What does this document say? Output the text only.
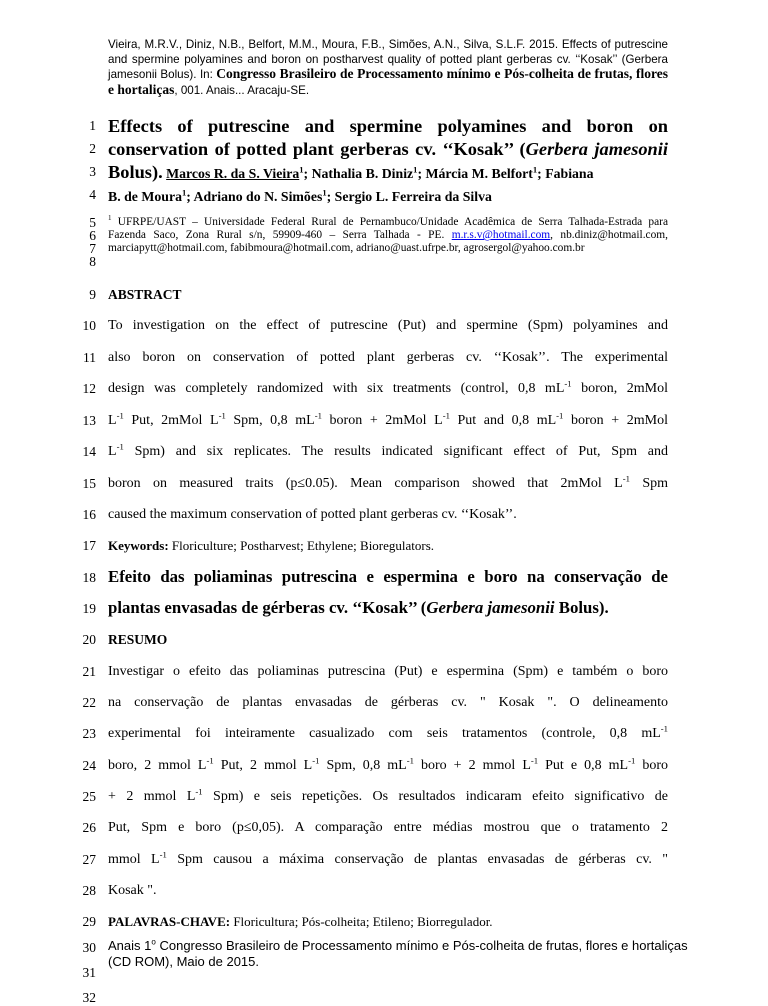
Vieira, M.R.V., Diniz, N.B., Belfort, M.M., Moura, F.B., Simões, A.N., Silva, S.L.F. 2015. Effects of putrescine and spermine polyamines and boron on postharvest quality of potted plant gerberas cv. ‘‘Kosak’’ (Gerbera jamesonii Bolus). In: Congresso Brasileiro de Processamento mínimo e Pós-colheita de frutas, flores e hortaliças, 001. Anais... Aracaju-SE.
1
2
3
4
5
6
7
8
9
10
11
12
13
14
15
16
17
18
19
20
21
22
23
24
25
26
27
28
29
30
31
32
Effects of putrescine and spermine polyamines and boron on
conservation of potted plant gerberas cv. ‘‘Kosak’’ (Gerbera jamesonii
Bolus). Marcos R. da S. Vieira$^1$; Nathalia B. Diniz$^1$; Márcia M. Belfort$^1$; Fabiana
B. de Moura$^1$; Adriano do N. Simões$^1$; Sergio L. Ferreira da Silva
$^1$ UFRPE/UAST – Universidade Federal Rural de Pernambuco/Unidade Acadêmica de Serra Talhada-Estrada para Fazenda Saco, Zona Rural s/n, 59909-460 – Serra Talhada - PE. m.r.s.v@hotmail.com, nb.diniz@hotmail.com, marciapytt@hotmail.com, fabibmoura@hotmail.com, adriano@uast.ufrpe.br, agrosergol@yahoo.com.br
ABSTRACT
To investigation on the effect of putrescine (Put) and spermine (Spm) polyamines and
also boron on conservation of potted plant gerberas cv. ‘‘Kosak’’. The experimental
design was completely randomized with six treatments (control, 0,8 $mL^{-1}$ boron, 2mMol
$L^{-1}$ Put, 2mMol $L^{-1}$ Spm, 0,8 $mL^{-1}$ boron + 2mMol $L^{-1}$ Put and 0,8 $mL^{-1}$ boron + 2mMol
$L^{-1}$ Spm) and six replicates. The results indicated significant effect of Put, Spm and
boron on measured traits (p≤0.05). Mean comparison showed that 2mMol $L^{-1}$ Spm
caused the maximum conservation of potted plant gerberas cv. ‘‘Kosak’’.
Keywords: Floriculture; Postharvest; Ethylene; Bioregulators.
Efeito das poliaminas putrescina e espermina e boro na conservação de
plantas envasadas de gérberas cv. ‘‘Kosak’’ (Gerbera jamesonii Bolus).
RESUMO
Investigar o efeito das poliaminas putrescina (Put) e espermina (Spm) e também o boro
na conservação de plantas envasadas de gérberas cv. " Kosak ". O delineamento
experimental foi inteiramente casualizado com seis tratamentos (controle, 0,8 $mL^{-1}$
boro, 2 mmol $L^{-1}$ Put, 2 mmol $L^{-1}$ Spm, 0,8 $mL^{-1}$ boro + 2 mmol $L^{-1}$ Put e 0,8 $mL^{-1}$ boro
+ 2 mmol $L^{-1}$ Spm) e seis repetições. Os resultados indicaram efeito significativo de
Put, Spm e boro (p≤0,05). A comparação entre médias mostrou que o tratamento 2
mmol $L^{-1}$ Spm causou a máxima conservação de plantas envasadas de gérberas cv. "
Kosak ".
PALAVRAS-CHAVE: Floricultura; Pós-colheita; Etileno; Biorregulador.
Anais 1$^o$ Congresso Brasileiro de Processamento mínimo e Pós-colheita de frutas, flores e hortaliças (CD ROM), Maio de 2015.
